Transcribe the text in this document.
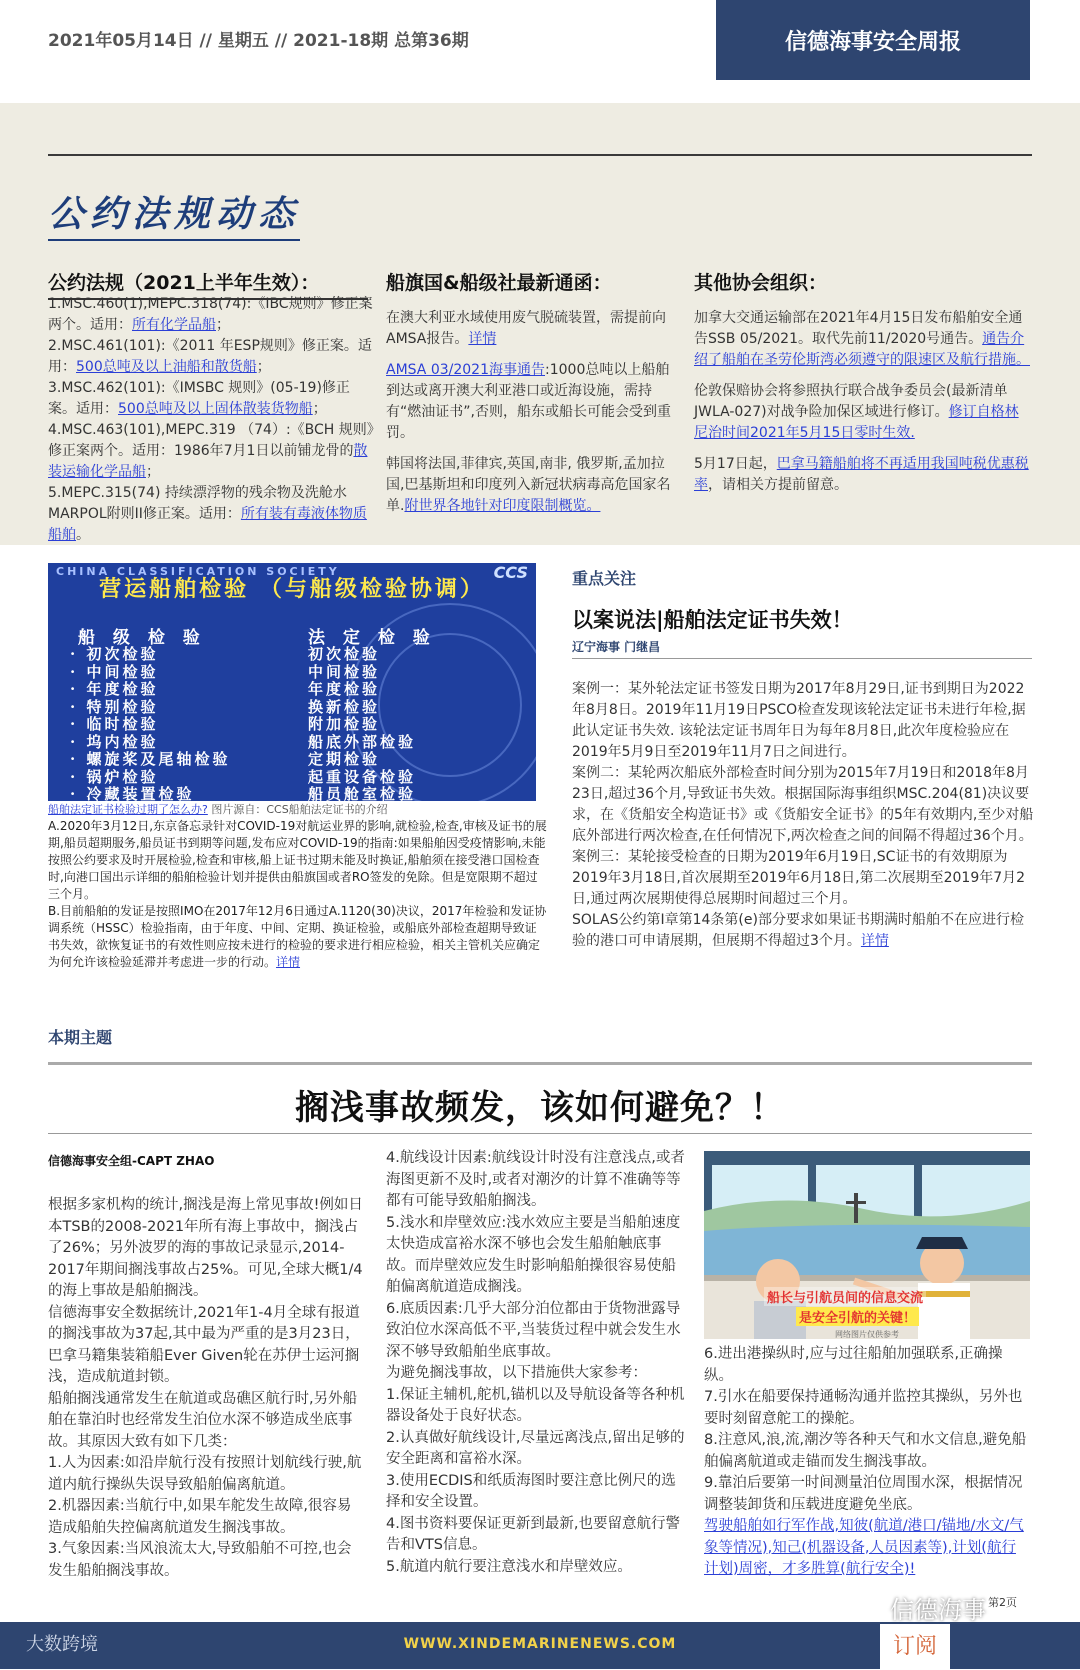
2021年05月14日 // 星期五 // 2021-18期 总第36期	信德海事安全周报
公约法规动态
公约法规（2021上半年生效）：
1.MSC.460(1),MEPC.318(74):《IBC规则》修正案两个。适用：所有化学品船；
2.MSC.461(101):《2011 年ESP规则》修正案。适用：500总吨及以上油船和散货船；
3.MSC.462(101):《IMSBC 规则》(05-19)修正案。适用：500总吨及以上固体散装货物船；
4.MSC.463(101),MEPC.319 （74）:《BCH 规则》修正案两个。适用：1986年7月1日以前铺龙骨的散装运输化学品船；
5.MEPC.315(74) 持续漂浮物的残余物及洗舱水MARPOL附则II修正案。适用：所有装有毒液体物质船舶。
船旗国&船级社最新通函：

在澳大利亚水域使用废气脱硫装置，需提前向AMSA报告。详情

AMSA 03/2021海事通告:1000总吨以上船舶到达或离开澳大利亚港口或近海设施，需持有“燃油证书”,否则，船东或船长可能会受到重罚。

韩国将法国,菲律宾,英国,南非, 俄罗斯,孟加拉国,巴基斯坦和印度列入新冠状病毒高危国家名单.附世界各地针对印度限制概览。

其他协会组织：

加拿大交通运输部在2021年4月15日发布船舶安全通告SSB 05/2021。取代先前11/2020号通告。通告介绍了船舶在圣劳伦斯湾必须遵守的限速区及航行措施。

伦敦保赔协会将参照执行联合战争委员会(最新清单JWLA-027)对战争险加保区域进行修订。修订自格林尼治时间2021年5月15日零时生效.

5月17日起，巴拿马籍船舶将不再适用我国吨税优惠税率，请相关方提前留意。

CHINA CLASSIFICATION SOCIETY	CCS
营运船舶检验 （与船级检验协调）
船 级 检 验	法 定 检 验
· 初次检验	初次检验
· 中间检验	中间检验
· 年度检验	年度检验
· 特别检验	换新检验
· 临时检验	附加检验
· 坞内检验	船底外部检验
· 螺旋桨及尾轴检验	定期检验
· 锅炉检验	起重设备检验
· 冷藏装置检验	船员舱室检验
船舶法定证书检验过期了怎么办? 图片源自：CCS船舶法定证书的介绍

A.2020年3月12日,东京备忘录针对COVID-19对航运业界的影响,就检验,检查,审核及证书的展期,船员超期服务,船员证书到期等问题,发布应对COVID-19的指南:如果船舶因受疫情影响,未能按照公约要求及时开展检验,检查和审核,船上证书过期未能及时换证,船舶须在接受港口国检查时,向港口国出示详细的船舶检验计划并提供由船旗国或者RO签发的免除。但是宽限期不超过三个月。

B.目前船舶的发证是按照IMO在2017年12月6日通过A.1120(30)决议，2017年检验和发证协调系统（HSSC）检验指南，由于年度、中间、定期、换证检验，或船底外部检查超期导致证书失效，欲恢复证书的有效性则应按未进行的检验的要求进行相应检验，相关主管机关应确定为何允许该检验延滞并考虑进一步的行动。详情

重点关注
以案说法|船舶法定证书失效！
辽宁海事 门继昌

案例一：某外轮法定证书签发日期为2017年8月29日,证书到期日为2022年8月8日。2019年11月19日PSCO检查发现该轮法定证书未进行年检,据此认定证书失效. 该轮法定证书周年日为每年8月8日,此次年度检验应在2019年5月9日至2019年11月7日之间进行。

案例二：某轮两次船底外部检查时间分别为2015年7月19日和2018年8月23日,超过36个月,导致证书失效。根据国际海事组织MSC.204(81)决议要求，在《货船安全构造证书》或《货船安全证书》的5年有效期内,至少对船底外部进行两次检查,在任何情况下,两次检查之间的间隔不得超过36个月。

案例三：某轮接受检查的日期为2019年6月19日,SC证书的有效期原为2019年3月18日,首次展期至2019年6月18日,第二次展期至2019年7月2日,通过两次展期使得总展期时间超过三个月。

SOLAS公约第I章第14条第(e)部分要求如果证书期满时船舶不在应进行检验的港口可申请展期，但展期不得超过3个月。详情

本期主题
搁浅事故频发，该如何避免？！
信德海事安全组-CAPT ZHAO

根据多家机构的统计,搁浅是海上常见事故!例如日本TSB的2008-2021年所有海上事故中，搁浅占了26%；另外波罗的海的事故记录显示,2014-2017年期间搁浅事故占25%。可见,全球大概1/4的海上事故是船舶搁浅。

信德海事安全数据统计,2021年1-4月全球有报道的搁浅事故为37起,其中最为严重的是3月23日，巴拿马籍集装箱船Ever Given轮在苏伊士运河搁浅，造成航道封锁。

船舶搁浅通常发生在航道或岛礁区航行时,另外船舶在靠泊时也经常发生泊位水深不够造成坐底事故。其原因大致有如下几类：

1.人为因素:如沿岸航行没有按照计划航线行驶,航道内航行操纵失误导致船舶偏离航道。

2.机器因素:当航行中,如果车舵发生故障,很容易造成船舶失控偏离航道发生搁浅事故。

3.气象因素:当风浪流太大,导致船舶不可控,也会发生船舶搁浅事故。

4.航线设计因素:航线设计时没有注意浅点,或者海图更新不及时,或者对潮汐的计算不准确等等都有可能导致船舶搁浅。

5.浅水和岸壁效应:浅水效应主要是当船舶速度太快造成富裕水深不够也会发生船舶触底事故。而岸壁效应发生时影响船舶操很容易使船舶偏离航道造成搁浅。

6.底质因素:几乎大部分泊位都由于货物泄露导致泊位水深高低不平,当装货过程中就会发生水深不够导致船舶坐底事故。

为避免搁浅事故，以下措施供大家参考：

1.保证主辅机,舵机,锚机以及导航设备等各种机器设备处于良好状态。

2.认真做好航线设计,尽量远离浅点,留出足够的安全距离和富裕水深。

3.使用ECDIS和纸质海图时要注意比例尺的选择和安全设置。

4.图书资料要保证更新到最新,也要留意航行警告和VTS信息。

5.航道内航行要注意浅水和岸壁效应。

船长与引航员间的信息交流
是安全引航的关键！
网络图片仅供参考

6.进出港操纵时,应与过往船舶加强联系,正确操纵。

7.引水在船要保持通畅沟通并监控其操纵，另外也要时刻留意舵工的操舵。

8.注意风,浪,流,潮汐等各种天气和水文信息,避免船舶偏离航道或走锚而发生搁浅事故。

9.靠泊后要第一时间测量泊位周围水深，根据情况调整装卸货和压载进度避免坐底。

驾驶船舶如行军作战,知彼(航道/港口/锚地/水文/气象等情况),知己(机器设备,人员因素等),计划(航行计划)周密，才多胜算(航行安全)!

第2页
大数跨境	WWW.XINDEMARINENEWS.COM	订阅
信德海事
